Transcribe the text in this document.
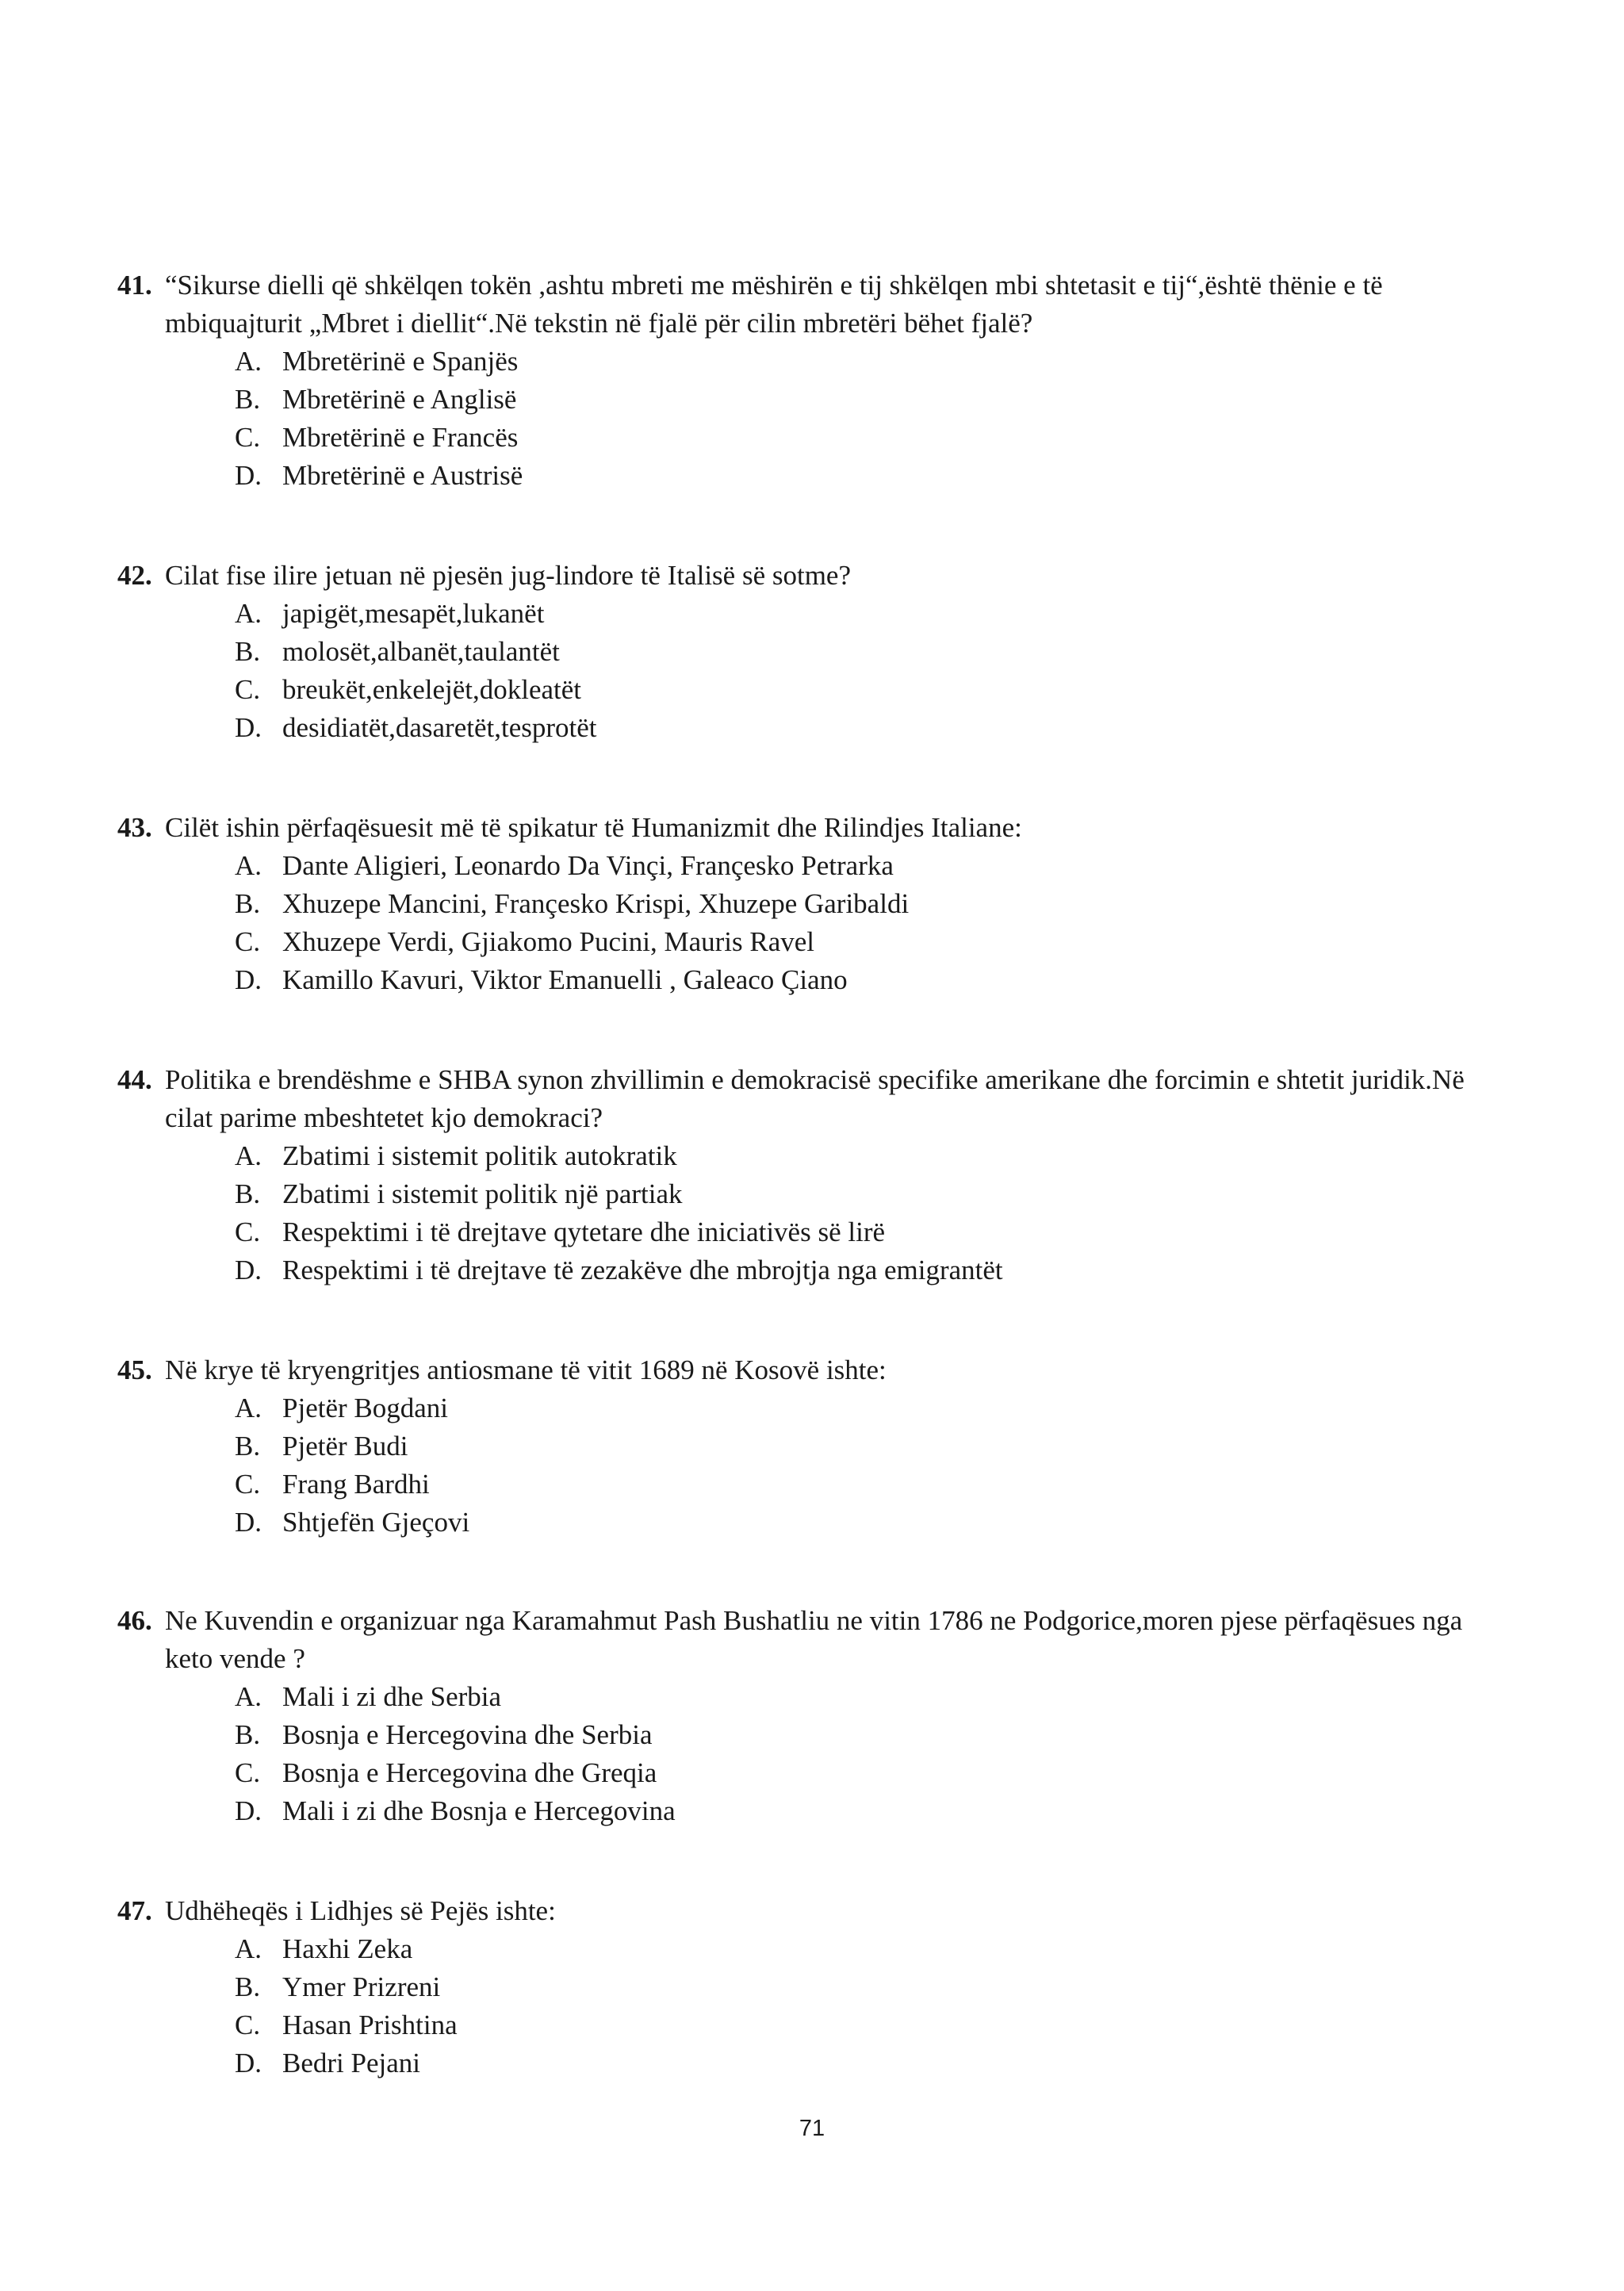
41. “Sikurse dielli që shkëlqen tokën ,ashtu mbreti me mëshirën e tij shkëlqen mbi shtetasit e tij“,është thënie e të
mbiquajturit „Mbret i diellit“.Në tekstin në fjalë për cilin mbretëri bëhet fjalë?
A. Mbretërinë e Spanjës
B. Mbretërinë e Anglisë
C. Mbretërinë e Francës
D. Mbretërinë e Austrisë
42. Cilat fise ilire jetuan në pjesën jug-lindore të Italisë së sotme?
A. japigët,mesapët,lukanët
B. molosët,albanët,taulantët
C. breukët,enkelejët,dokleatët
D. desidiatët,dasaretët,tesprotët
43. Cilët ishin përfaqësuesit më të spikatur të Humanizmit dhe Rilindjes Italiane:
A. Dante Aligieri, Leonardo Da Vinçi, Françesko Petrarka
B. Xhuzepe Mancini, Françesko Krispi, Xhuzepe Garibaldi
C. Xhuzepe Verdi, Gjiakomo Pucini, Mauris Ravel
D. Kamillo Kavuri, Viktor Emanuelli , Galeaco Çiano
44. Politika e brendëshme e SHBA synon zhvillimin e demokracisë specifike amerikane dhe forcimin e shtetit juridik.Në
cilat parime mbeshtetet kjo demokraci?
A. Zbatimi i sistemit politik autokratik
B. Zbatimi i sistemit politik një partiak
C. Respektimi i të drejtave qytetare dhe iniciativës së lirë
D. Respektimi i të drejtave të zezakëve dhe mbrojtja nga emigrantët
45. Në krye të kryengritjes antiosmane të vitit 1689 në Kosovë ishte:
A. Pjetër Bogdani
B. Pjetër Budi
C. Frang Bardhi
D. Shtjefën Gjeçovi
46. Ne Kuvendin e organizuar nga Karamahmut Pash Bushatliu ne vitin 1786 ne Podgorice,moren pjese përfaqësues nga
keto vende ?
A. Mali i zi dhe Serbia
B. Bosnja e Hercegovina dhe Serbia
C. Bosnja e Hercegovina dhe Greqia
D. Mali i zi dhe Bosnja e Hercegovina
47. Udhëheqës i Lidhjes së Pejës ishte:
A. Haxhi Zeka
B. Ymer Prizreni
C. Hasan Prishtina
D. Bedri Pejani
71
